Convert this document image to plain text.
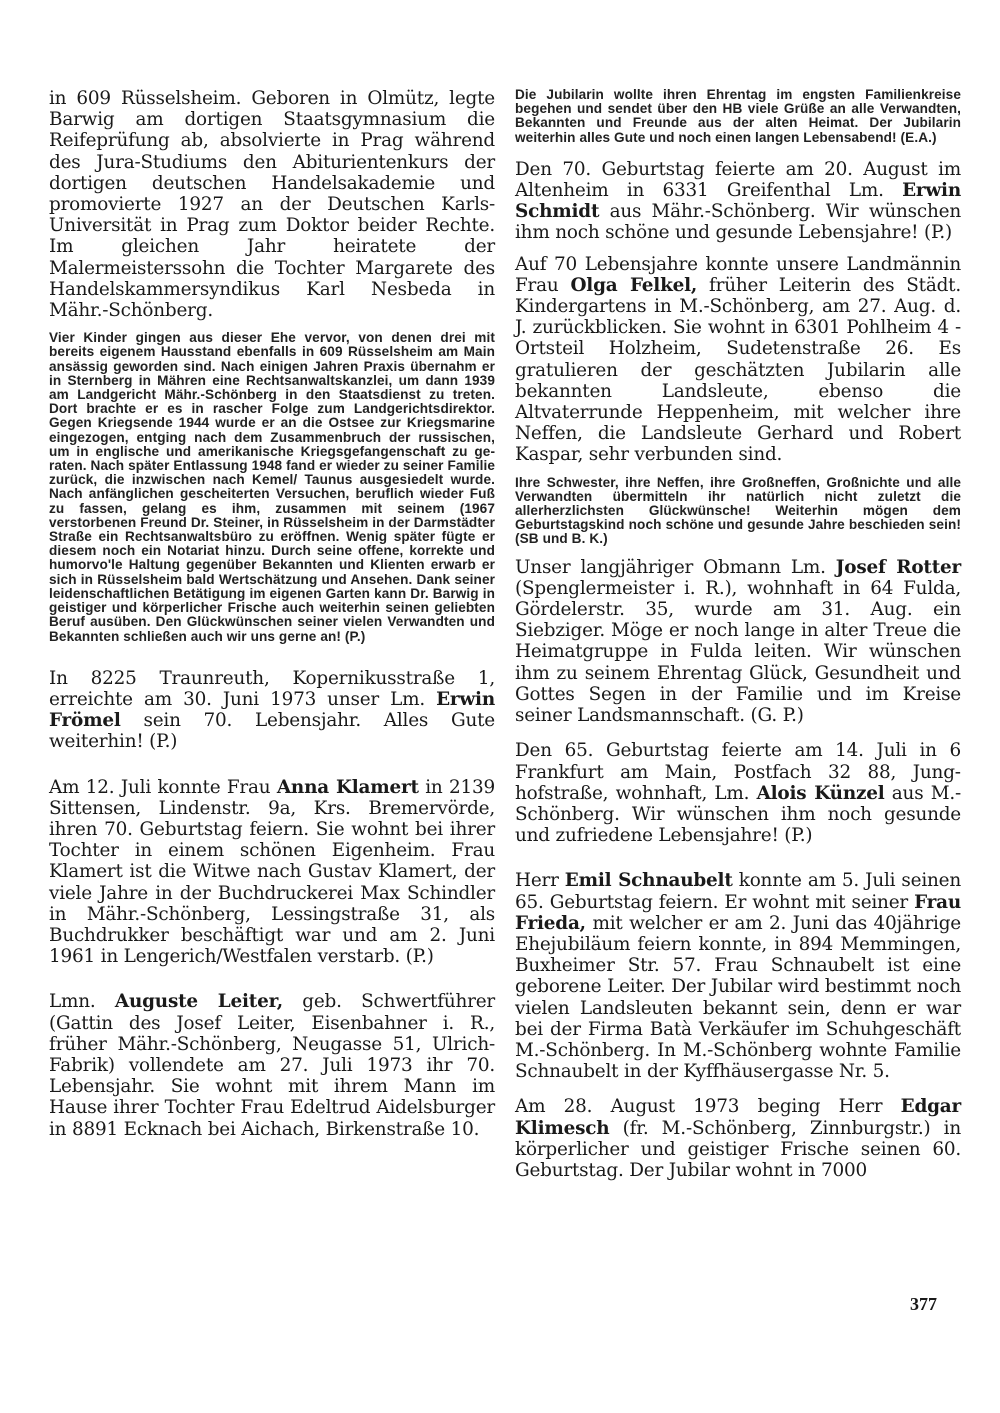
in 609 Rüsselsheim. Geboren in Olmütz, legte Barwig am dortigen Staatsgymnasium die Reifeprüfung ab, absolvierte in Prag während des Jura-Studiums den Abiturientenkurs der dortigen deutschen Handelsakademie und promovierte 1927 an der Deutschen Karls-Universität in Prag zum Doktor beider Rechte. Im gleichen Jahr heiratete der Malermeisterssohn die Tochter Margarete des Handelskammersyndikus Karl Nesbeda in Mähr.-Schönberg.

Vier Kinder gingen aus dieser Ehe vervor, von denen drei mit bereits eigenem Hausstand ebenfalls in 609 Rüsselsheim am Main ansässig geworden sind. Nach einigen Jahren Praxis übernahm er in Sternberg in Mähren eine Rechtsanwaltskanzlei, um dann 1939 am Landgericht Mähr.-Schönberg in den Staatsdienst zu treten. Dort brachte er es in rascher Folge zum Landgerichtsdirektor. Gegen Kriegsende 1944 wurde er an die Ostsee zur Kriegsmarine eingezogen, entging nach dem Zusammenbruch der russischen, um in englische und amerikanische Kriegsgefangenschaft zu geraten. Nach später Entlassung 1948 fand er wieder zu seiner Familie zurück, die inzwischen nach Kemel/ Taunus ausgesiedelt wurde. Nach anfänglichen gescheiterten Versuchen, beruflich wieder Fuß zu fassen, gelang es ihm, zusammen mit seinem (1967 verstorbenen Freund Dr. Steiner, in Rüsselsheim in der Darmstädter Straße ein Rechtsanwaltsbüro zu eröffnen. Wenig später fügte er diesem noch ein Notariat hinzu. Durch seine offene, korrekte und humorvo'le Haltung gegenüber Bekannten und Klienten erwarb er sich in Rüsselsheim bald Wertschätzung und Ansehen. Dank seiner leidenschaftlichen Betätigung im eigenen Garten kann Dr. Barwig in geistiger und körperlicher Frische auch weiterhin seinen geliebten Beruf ausüben. Den Glückwünschen seiner vielen Verwandten und Bekannten schließen auch wir uns gerne an! (P.)

In 8225 Traunreuth, Kopernikusstraße 1, erreichte am 30. Juni 1973 unser Lm. Erwin Frömel sein 70. Lebensjahr. Alles Gute weiterhin! (P.)

Am 12. Juli konnte Frau Anna Klamert in 2139 Sittensen, Lindenstr. 9a, Krs. Bremervörde, ihren 70. Geburtstag feiern. Sie wohnt bei ihrer Tochter in einem schönen Eigenheim. Frau Klamert ist die Witwe nach Gustav Klamert, der viele Jahre in der Buchdruckerei Max Schindler in Mähr.-Schönberg, Lessingstraße 31, als Buchdrukker beschäftigt war und am 2. Juni 1961 in Lengerich/Westfalen verstarb. (P.)

Lmn. Auguste Leiter, geb. Schwertführer (Gattin des Josef Leiter, Eisenbahner i. R., früher Mähr.-Schönberg, Neugasse 51, Ulrich-Fabrik) vollendete am 27. Juli 1973 ihr 70. Lebensjahr. Sie wohnt mit ihrem Mann im Hause ihrer Tochter Frau Edeltrud Aidelsburger in 8891 Ecknach bei Aichach, Birkenstraße 10.

Die Jubilarin wollte ihren Ehrentag im engsten Familienkreise begehen und sendet über den HB viele Grüße an alle Verwandten, Bekannten und Freunde aus der alten Heimat. Der Jubilarin weiterhin alles Gute und noch einen langen Lebensabend! (E.A.)

Den 70. Geburtstag feierte am 20. August im Altenheim in 6331 Greifenthal Lm. Erwin Schmidt aus Mähr.-Schönberg. Wir wünschen ihm noch schöne und gesunde Lebensjahre! (P.)

Auf 70 Lebensjahre konnte unsere Landmännin Frau Olga Felkel, früher Leiterin des Städt. Kindergartens in M.-Schönberg, am 27. Aug. d. J. zurückblicken. Sie wohnt in 6301 Pohlheim 4 - Ortsteil Holzheim, Sudetenstraße 26. Es gratulieren der geschätzten Jubilarin alle bekannten Landsleute, ebenso die Altvaterrunde Heppenheim, mit welcher ihre Neffen, die Landsleute Gerhard und Robert Kaspar, sehr verbunden sind.

Ihre Schwester, ihre Neffen, ihre Großneffen, Großnichte und alle Verwandten übermitteln ihr natürlich nicht zuletzt die allerherzlichsten Glückwünsche! Weiterhin mögen dem Geburtstagskind noch schöne und gesunde Jahre beschieden sein! (SB und B. K.)

Unser langjähriger Obmann Lm. Josef Rotter (Spenglermeister i. R.), wohnhaft in 64 Fulda, Gördelerstr. 35, wurde am 31. Aug. ein Siebziger. Möge er noch lange in alter Treue die Heimatgruppe in Fulda leiten. Wir wünschen ihm zu seinem Ehrentag Glück, Gesundheit und Gottes Segen in der Familie und im Kreise seiner Landsmannschaft. (G. P.)

Den 65. Geburtstag feierte am 14. Juli in 6 Frankfurt am Main, Postfach 32 88, Junghofstraße, wohnhaft, Lm. Alois Künzel aus M.-Schönberg. Wir wünschen ihm noch gesunde und zufriedene Lebensjahre! (P.)

Herr Emil Schnaubelt konnte am 5. Juli seinen 65. Geburtstag feiern. Er wohnt mit seiner Frau Frieda, mit welcher er am 2. Juni das 40jährige Ehejubiläum feiern konnte, in 894 Memmingen, Buxheimer Str. 57. Frau Schnaubelt ist eine geborene Leiter. Der Jubilar wird bestimmt noch vielen Landsleuten bekannt sein, denn er war bei der Firma Batà Verkäufer im Schuhgeschäft M.-Schönberg. In M.-Schönberg wohnte Familie Schnaubelt in der Kyffhäusergasse Nr. 5.

Am 28. August 1973 beging Herr Edgar Klimesch (fr. M.-Schönberg, Zinnburgstr.) in körperlicher und geistiger Frische seinen 60. Geburtstag. Der Jubilar wohnt in 7000

377
